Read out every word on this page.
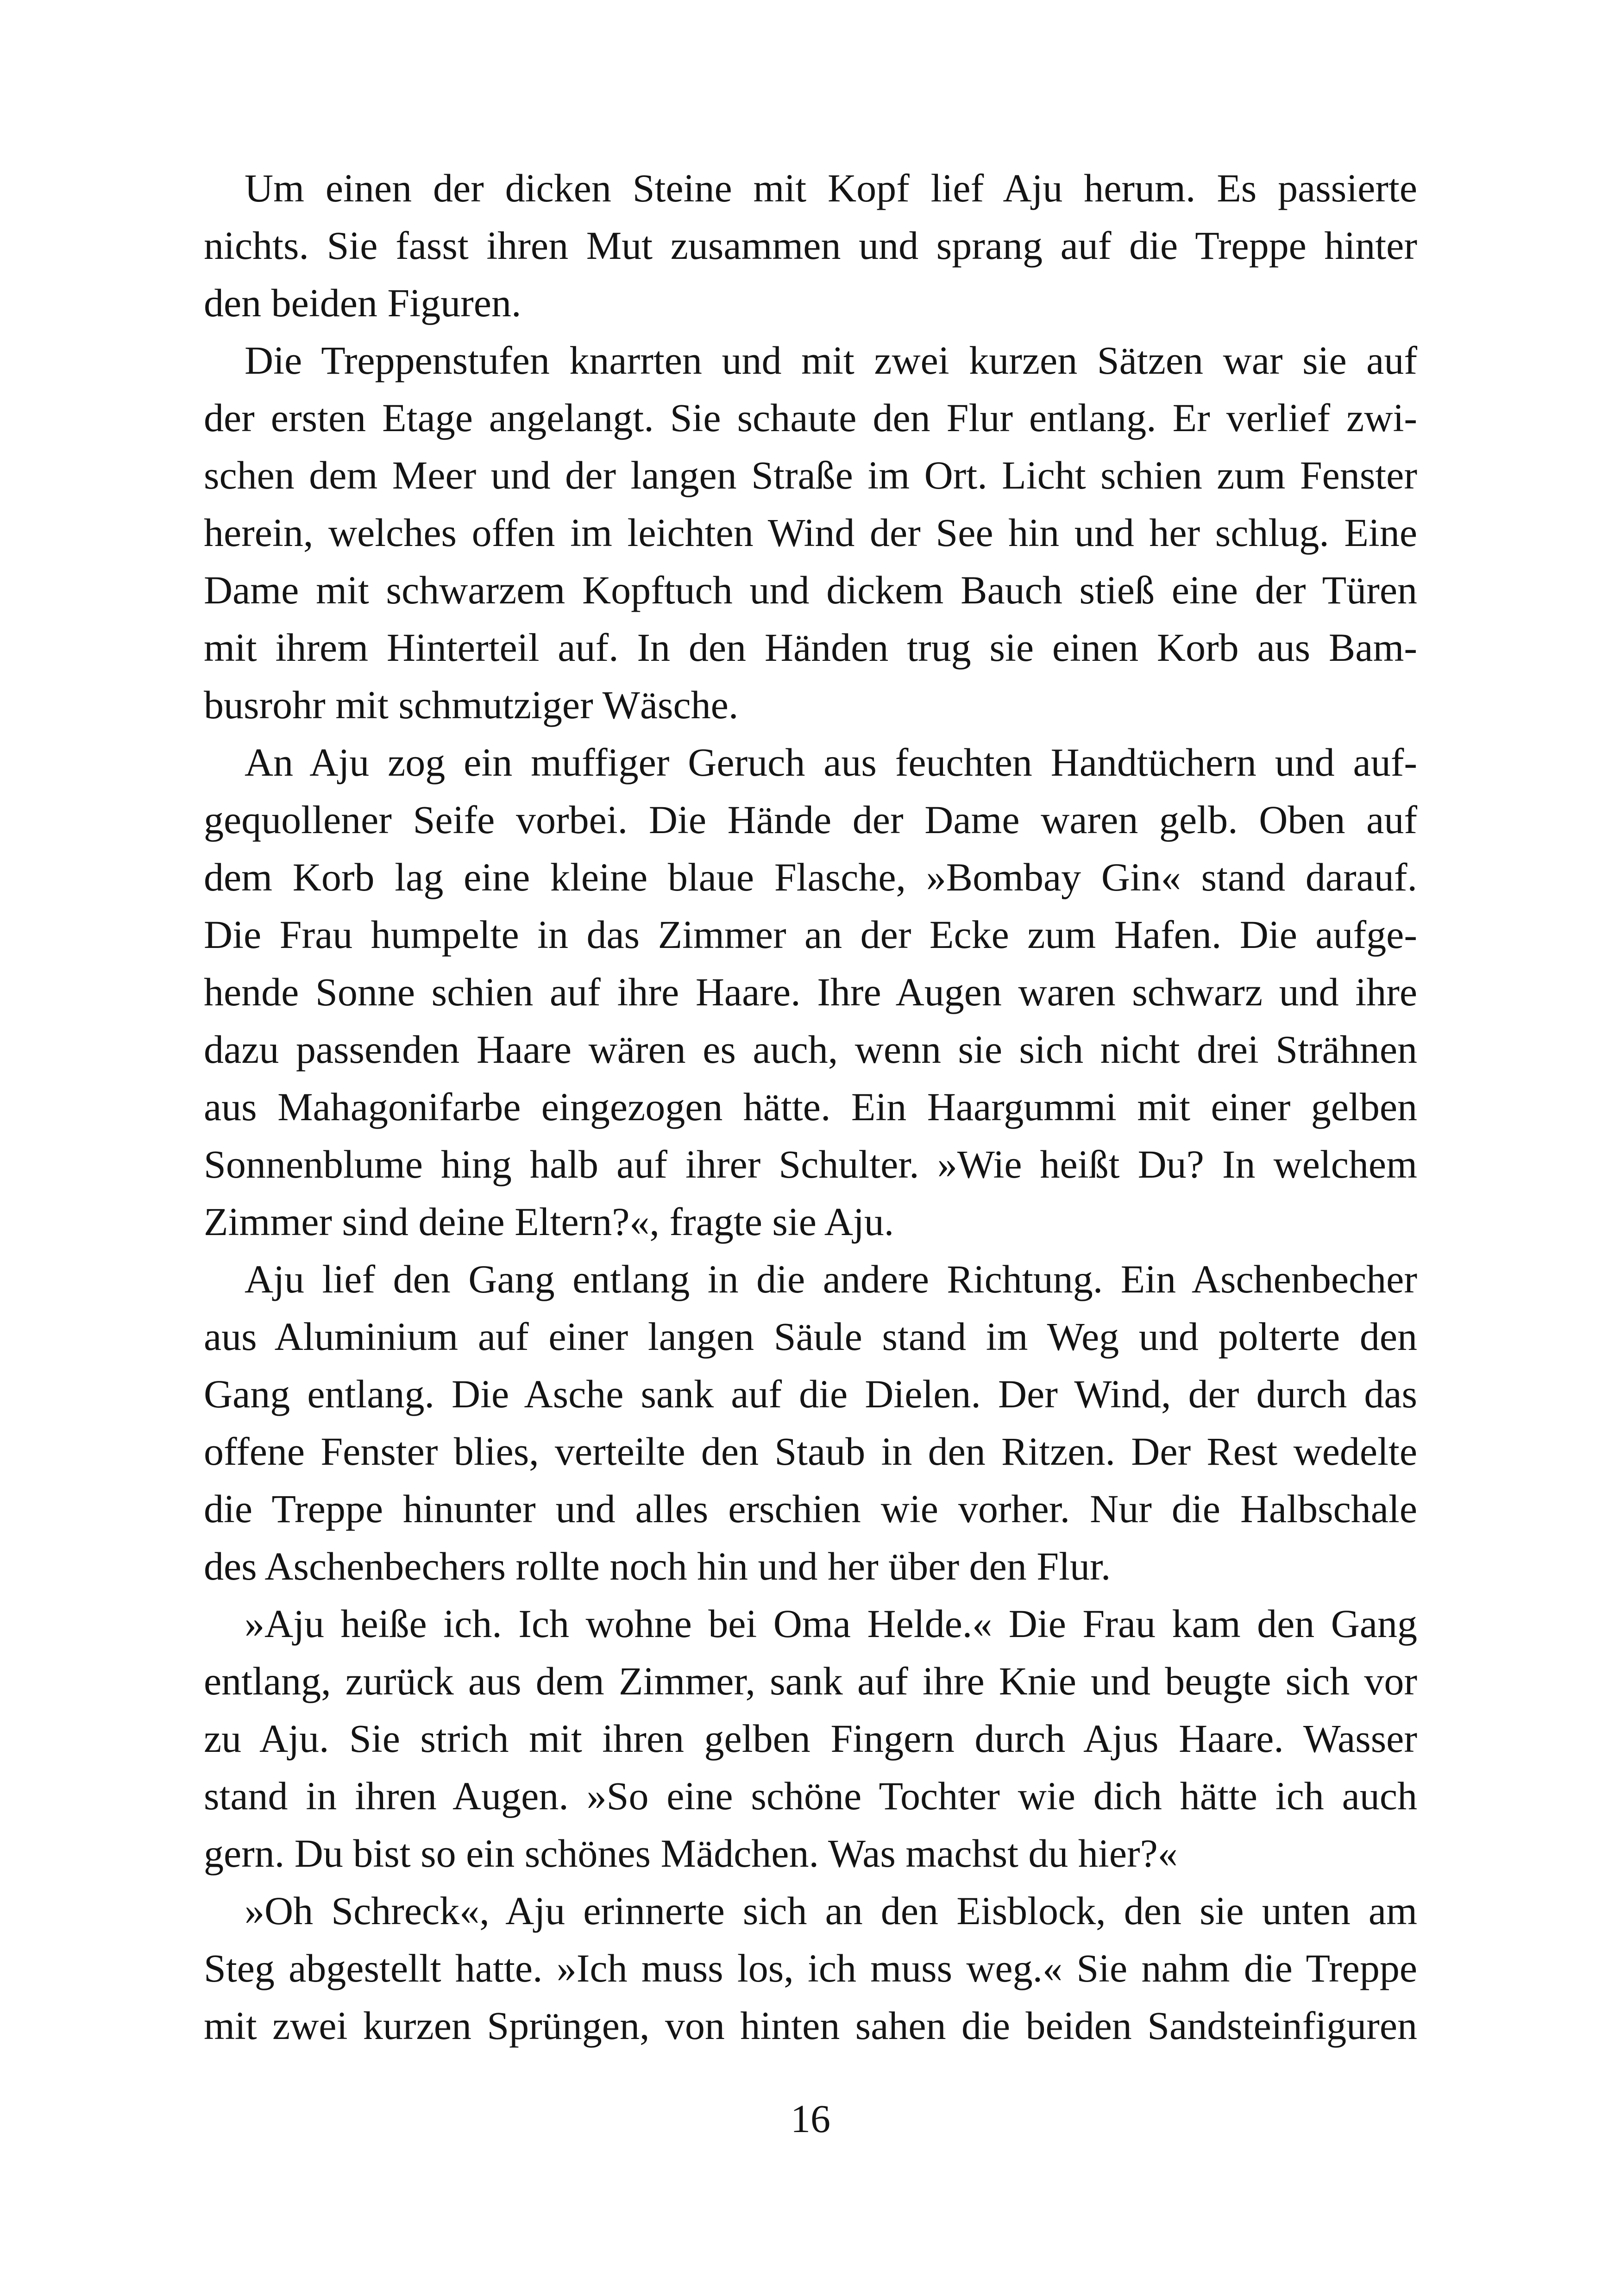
Um einen der dicken Steine mit Kopf lief Aju herum. Es passierte
nichts. Sie fasst ihren Mut zusammen und sprang auf die Treppe hinter
den beiden Figuren.

Die Treppenstufen knarrten und mit zwei kurzen Sätzen war sie auf
der ersten Etage angelangt. Sie schaute den Flur entlang. Er verlief zwi-
schen dem Meer und der langen Straße im Ort. Licht schien zum Fenster
herein, welches offen im leichten Wind der See hin und her schlug. Eine
Dame mit schwarzem Kopftuch und dickem Bauch stieß eine der Türen
mit ihrem Hinterteil auf. In den Händen trug sie einen Korb aus Bam-
busrohr mit schmutziger Wäsche.

An Aju zog ein muffiger Geruch aus feuchten Handtüchern und auf-
gequollener Seife vorbei. Die Hände der Dame waren gelb. Oben auf
dem Korb lag eine kleine blaue Flasche, »Bombay Gin« stand darauf.
Die Frau humpelte in das Zimmer an der Ecke zum Hafen. Die aufge-
hende Sonne schien auf ihre Haare. Ihre Augen waren schwarz und ihre
dazu passenden Haare wären es auch, wenn sie sich nicht drei Strähnen
aus Mahagonifarbe eingezogen hätte. Ein Haargummi mit einer gelben
Sonnenblume hing halb auf ihrer Schulter. »Wie heißt Du? In welchem
Zimmer sind deine Eltern?«, fragte sie Aju.

Aju lief den Gang entlang in die andere Richtung. Ein Aschenbecher
aus Aluminium auf einer langen Säule stand im Weg und polterte den
Gang entlang. Die Asche sank auf die Dielen. Der Wind, der durch das
offene Fenster blies, verteilte den Staub in den Ritzen. Der Rest wedelte
die Treppe hinunter und alles erschien wie vorher. Nur die Halbschale
des Aschenbechers rollte noch hin und her über den Flur.

»Aju heiße ich. Ich wohne bei Oma Helde.« Die Frau kam den Gang
entlang, zurück aus dem Zimmer, sank auf ihre Knie und beugte sich vor
zu Aju. Sie strich mit ihren gelben Fingern durch Ajus Haare. Wasser
stand in ihren Augen. »So eine schöne Tochter wie dich hätte ich auch
gern. Du bist so ein schönes Mädchen. Was machst du hier?«

»Oh Schreck«, Aju erinnerte sich an den Eisblock, den sie unten am
Steg abgestellt hatte. »Ich muss los, ich muss weg.« Sie nahm die Treppe
mit zwei kurzen Sprüngen, von hinten sahen die beiden Sandsteinfiguren

16
